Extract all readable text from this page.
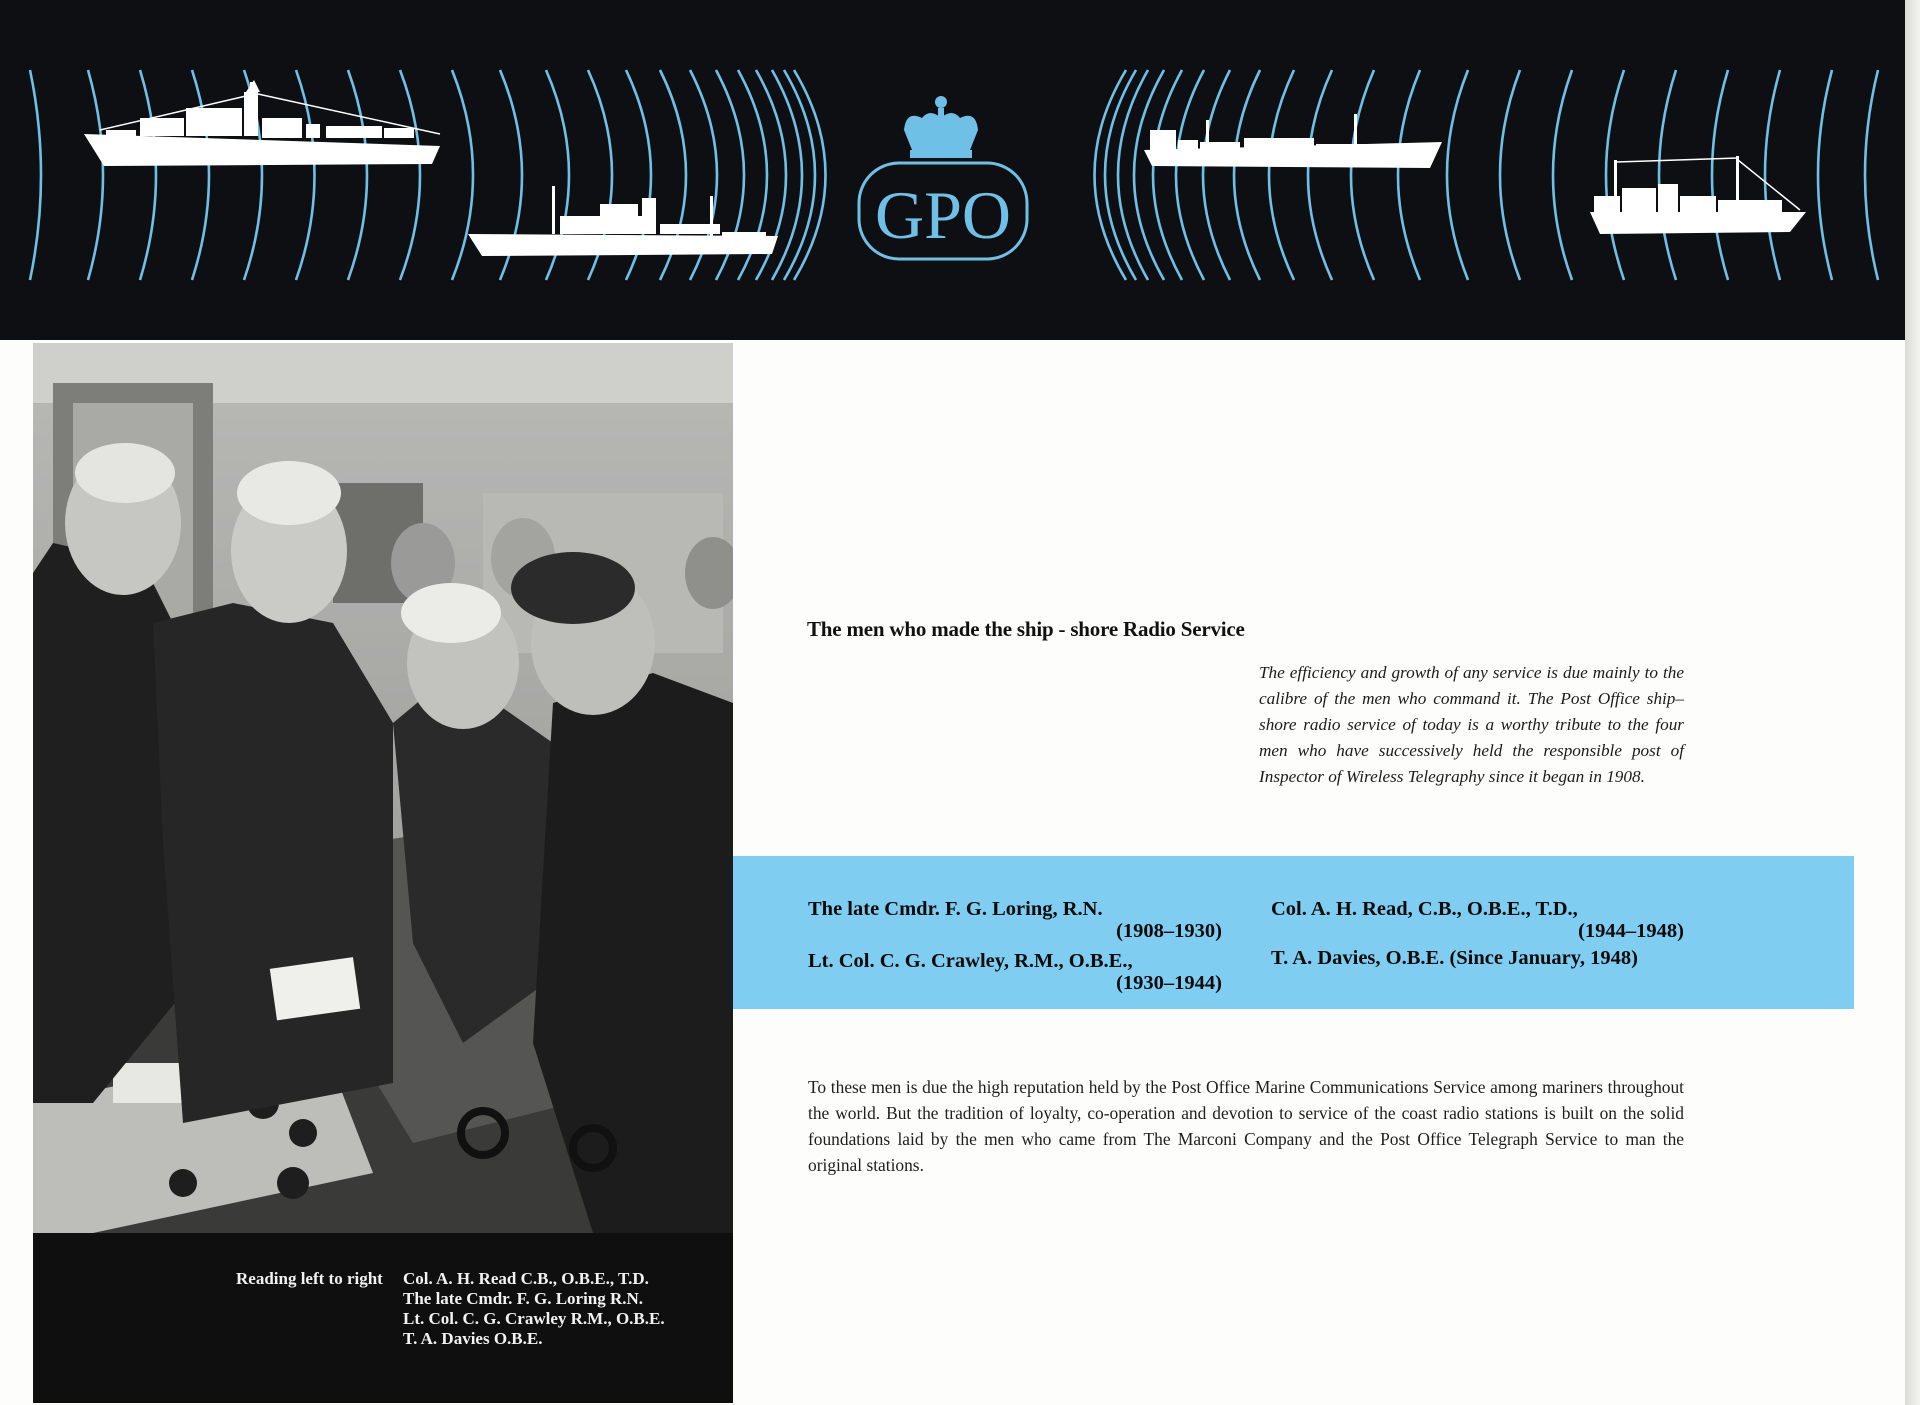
GPO
Reading left to right Col. A. H. Read C.B., O.B.E., T.D.
The late Cmdr. F. G. Loring R.N.
Lt. Col. C. G. Crawley R.M., O.B.E.
T. A. Davies O.B.E.
The men who made the ship - shore Radio Service

The efficiency and growth of any service is due mainly to the calibre of the men who command it. The Post Office ship–shore radio service of today is a worthy tribute to the four men who have successively held the responsible post of Inspector of Wireless Telegraphy since it began in 1908.

The late Cmdr. F. G. Loring, R.N.
(1908–1930)
Lt. Col. C. G. Crawley, R.M., O.B.E.,
(1930–1944)
Col. A. H. Read, C.B., O.B.E., T.D.,
(1944–1948)
T. A. Davies, O.B.E. (Since January, 1948)

To these men is due the high reputation held by the Post Office Marine Communications Service among mariners throughout the world. But the tradition of loyalty, co-operation and devotion to service of the coast radio stations is built on the solid foundations laid by the men who came from The Marconi Company and the Post Office Telegraph Service to man the original stations.
